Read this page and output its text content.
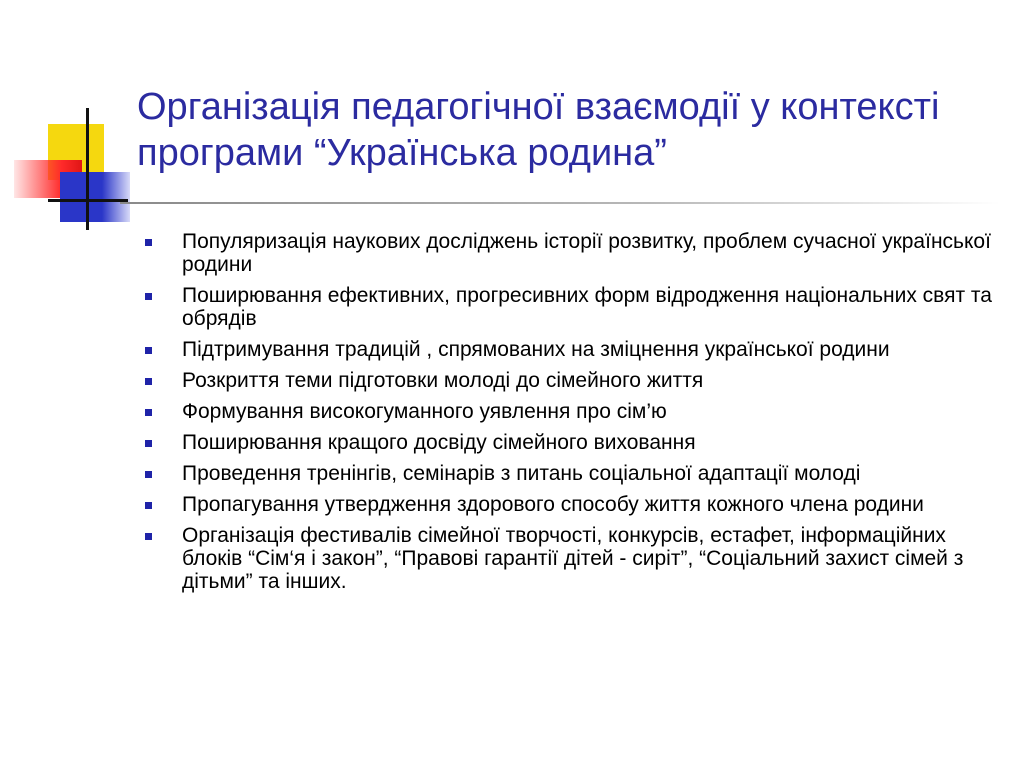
Організація педагогічної взаємодії у контексті програми “Українська родина”
Популяризація наукових досліджень історії розвитку, проблем сучасної української родини
Поширювання ефективних, прогресивних форм відродження національних свят та обрядів
Підтримування традицій , спрямованих на зміцнення української родини
Розкриття теми підготовки молоді до сімейного життя
Формування високогуманного уявлення про сім’ю
Поширювання кращого досвіду сімейного виховання
Проведення тренінгів, семінарів з питань соціальної адаптації молоді
Пропагування утвердження здорового способу життя кожного члена родини
Організація фестивалів сімейної творчості, конкурсів, естафет, інформаційних блоків “Сім‘я і закон”, “Правові гарантії дітей - сиріт”, “Соціальний захист сімей з дітьми” та інших.
